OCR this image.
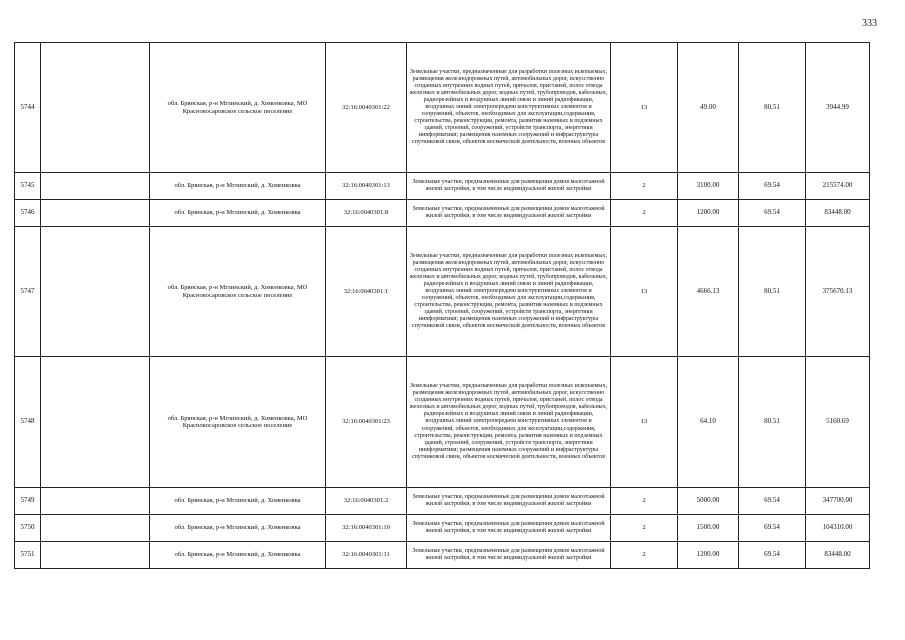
333
5744		обл. Брянская, р-н Мглинский, д. Хоменковка, МО Краснокосаровское сельское поселение	32:16:0040301:22	Земельные участки, предназначенные для разработки полезных ископаемых, размещения железнодорожных путей, автомобильных дорог, искусственно созданных внутренних водных путей, причалов, пристаней, полос отвода железных и автомобильных дорог, водных путей, трубопроводов, кабельных, радиорелейных и воздушных линий связи и линий радиофикации, воздушных линий электропередачи конструктивных элементов и сооружений, объектов, необходимых для эксплуатации,содержания, строительства, реконструкции, ремонта, развития наземных и подземных зданий, строений, сооружений, устройств транспорта, энергетики иинформатики; размещения наземных сооружений и инфраструктуры спутниковой связи, объектов космической деятельности, военных объектов	13	49.00	80.51	3944.99
5745		обл. Брянская, р-н Мглинский, д. Хоменковка	32:16:0040301:13	Земельные участки, предназначенные для размещения домов малоэтажной жилой застройки, в том числе индивидуальной жилой застройки	2	3100.00	69.54	215574.00
5746		обл. Брянская, р-н Мглинский, д. Хоменковка	32:16:0040301:8	Земельные участки, предназначенные для размещения домов малоэтажной жилой застройки, в том числе индивидуальной жилой застройки	2	1200.00	69.54	83448.00
5747		обл. Брянская, р-н Мглинский, д. Хоменковка, МО Краснокосаровское сельское поселение	32:16:0040301:1	Земельные участки, предназначенные для разработки полезных ископаемых, размещения железнодорожных путей, автомобильных дорог, искусственно созданных внутренних водных путей, причалов, пристаней, полос отвода железных и автомобильных дорог, водных путей, трубопроводов, кабельных, радиорелейных и воздушных линий связи и линий радиофикации, воздушных линий электропередачи конструктивных элементов и сооружений, объектов, необходимых для эксплуатации,содержания, строительства, реконструкции, ремонта, развития наземных и подземных зданий, строений, сооружений, устройств транспорта, энергетики иинформатики; размещения наземных сооружений и инфраструктуры спутниковой связи, объектов космической деятельности, военных объектов	13	4666.13	80.51	375670.13
5748		обл. Брянская, р-н Мглинский, д. Хоменковка, МО Краснокосаровское сельское поселение	32:16:0040301:23	Земельные участки, предназначенные для разработки полезных ископаемых, размещения железнодорожных путей, автомобильных дорог, искусственно созданных внутренних водных путей, причалов, пристаней, полос отвода железных и автомобильных дорог, водных путей, трубопроводов, кабельных, радиорелейных и воздушных линий связи и линий радиофикации, воздушных линий электропередачи конструктивных элементов и сооружений, объектов, необходимых для эксплуатации,содержания, строительства, реконструкции, ремонта, развития наземных и подземных зданий, строений, сооружений, устройств транспорта, энергетики иинформатики; размещения наземных сооружений и инфраструктуры спутниковой связи, объектов космической деятельности, военных объектов	13	64.10	80.51	5160.69
5749		обл. Брянская, р-н Мглинский, д. Хоменковка	32:16:0040301:2	Земельные участки, предназначенные для размещения домов малоэтажной жилой застройки, в том числе индивидуальной жилой застройки	2	5000.00	69.54	347700.00
5750		обл. Брянская, р-н Мглинский, д. Хоменковка	32:16:0040301:10	Земельные участки, предназначенные для размещения домов малоэтажной жилой застройки, в том числе индивидуальной жилой застройки	2	1500.00	69.54	104310.00
5751		обл. Брянская, р-н Мглинский, д. Хоменковка	32:16:0040301:11	Земельные участки, предназначенные для размещения домов малоэтажной жилой застройки, в том числе индивидуальной жилой застройки	2	1200.00	69.54	83448.00
